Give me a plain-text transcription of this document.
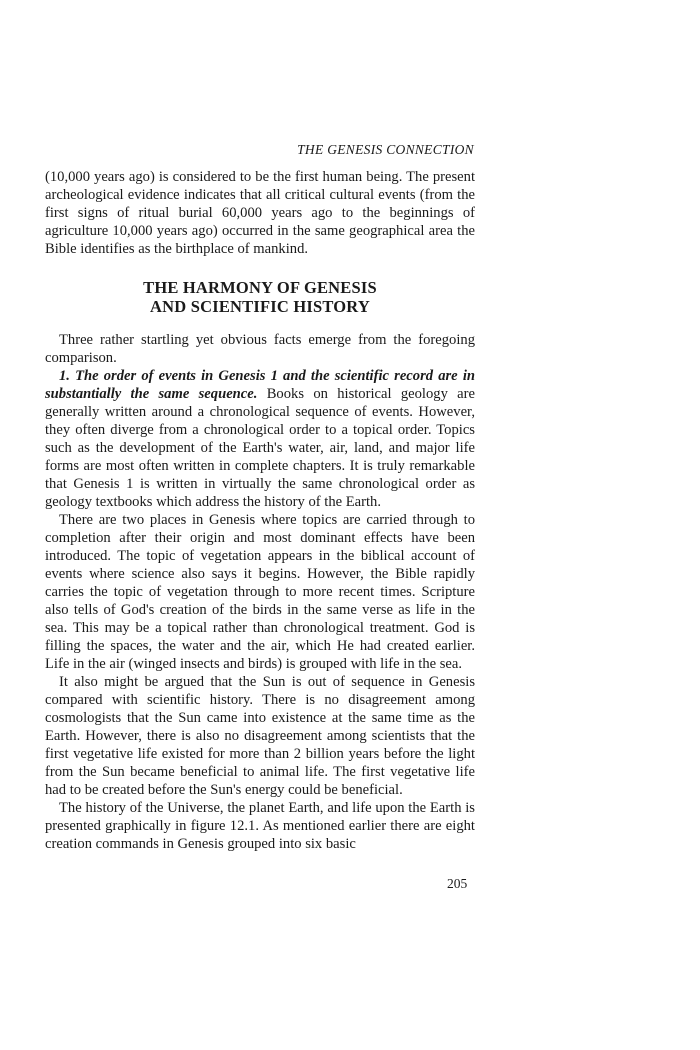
THE GENESIS CONNECTION

(10,000 years ago) is considered to be the first human being. The present archeological evidence indicates that all critical cultural events (from the first signs of ritual burial 60,000 years ago to the beginnings of agriculture 10,000 years ago) occurred in the same geographical area the Bible identifies as the birthplace of mankind.

THE HARMONY OF GENESIS
AND SCIENTIFIC HISTORY

Three rather startling yet obvious facts emerge from the foregoing comparison.

1. The order of events in Genesis 1 and the scientific record are in substantially the same sequence. Books on historical geology are generally written around a chronological sequence of events. However, they often diverge from a chronological order to a topical order. Topics such as the development of the Earth's water, air, land, and major life forms are most often written in complete chapters. It is truly remarkable that Genesis 1 is written in virtually the same chronological order as geology textbooks which address the history of the Earth.

There are two places in Genesis where topics are carried through to completion after their origin and most dominant effects have been introduced. The topic of vegetation appears in the biblical account of events where science also says it begins. However, the Bible rapidly carries the topic of vegetation through to more recent times. Scripture also tells of God's creation of the birds in the same verse as life in the sea. This may be a topical rather than chronological treatment. God is filling the spaces, the water and the air, which He had created earlier. Life in the air (winged insects and birds) is grouped with life in the sea.

It also might be argued that the Sun is out of sequence in Genesis compared with scientific history. There is no disagreement among cosmologists that the Sun came into existence at the same time as the Earth. However, there is also no disagreement among scientists that the first vegetative life existed for more than 2 billion years before the light from the Sun became beneficial to animal life. The first vegetative life had to be created before the Sun's energy could be beneficial.

The history of the Universe, the planet Earth, and life upon the Earth is presented graphically in figure 12.1. As mentioned earlier there are eight creation commands in Genesis grouped into six basic

205
